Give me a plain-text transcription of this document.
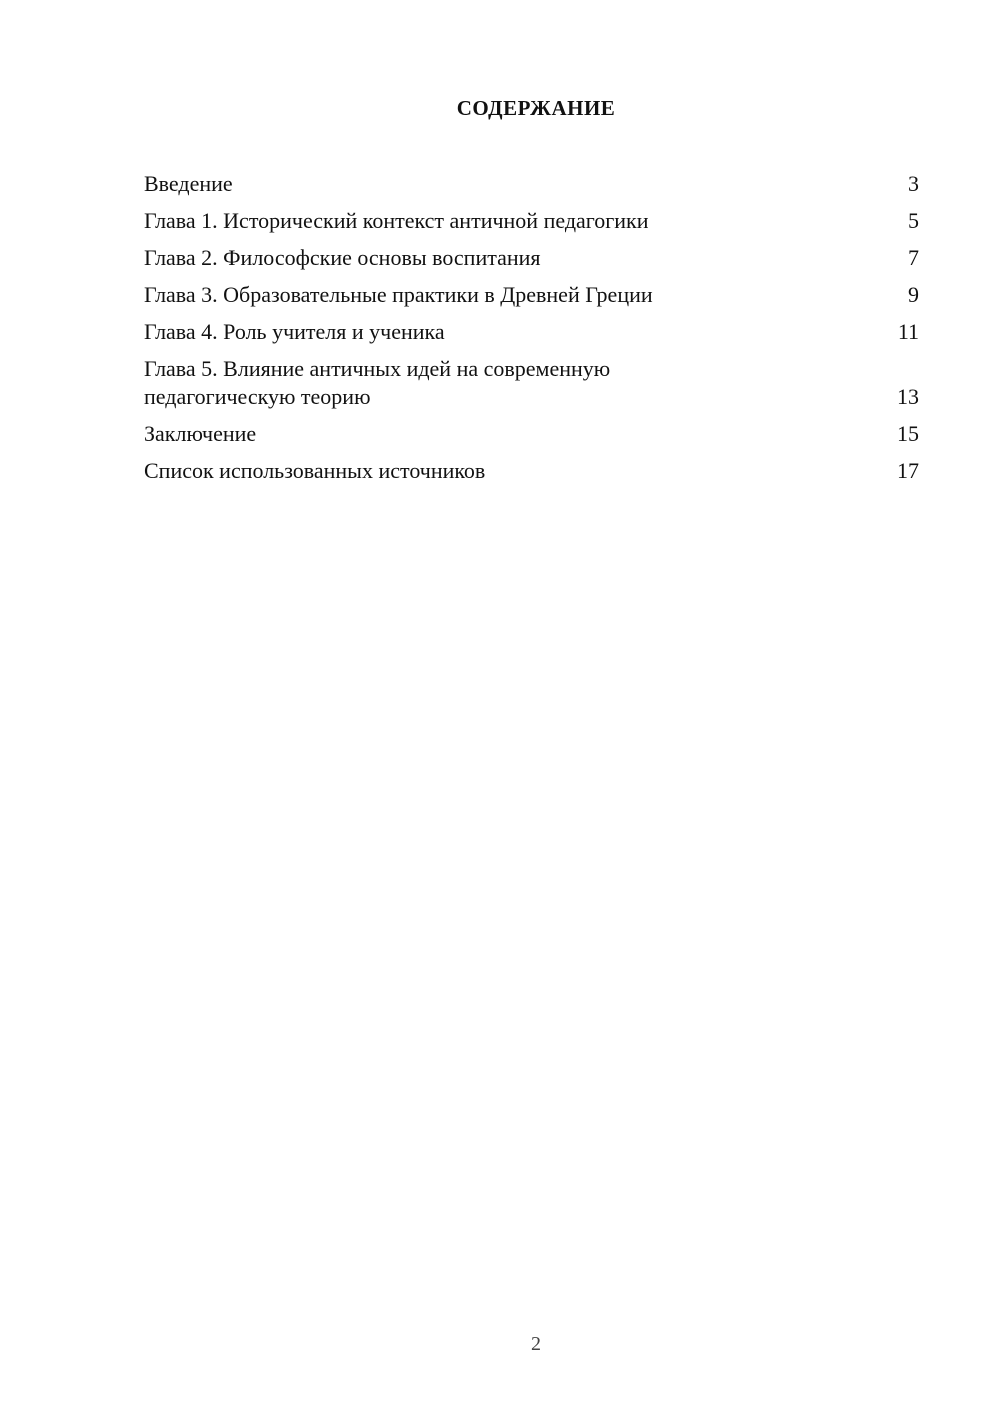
СОДЕРЖАНИЕ
Введение	3
Глава 1. Исторический контекст античной педагогики	5
Глава 2. Философские основы воспитания	7
Глава 3. Образовательные практики в Древней Греции	9
Глава 4. Роль учителя и ученика	11
Глава 5. Влияние античных идей на современную педагогическую теорию	13
Заключение	15
Список использованных источников	17
2
